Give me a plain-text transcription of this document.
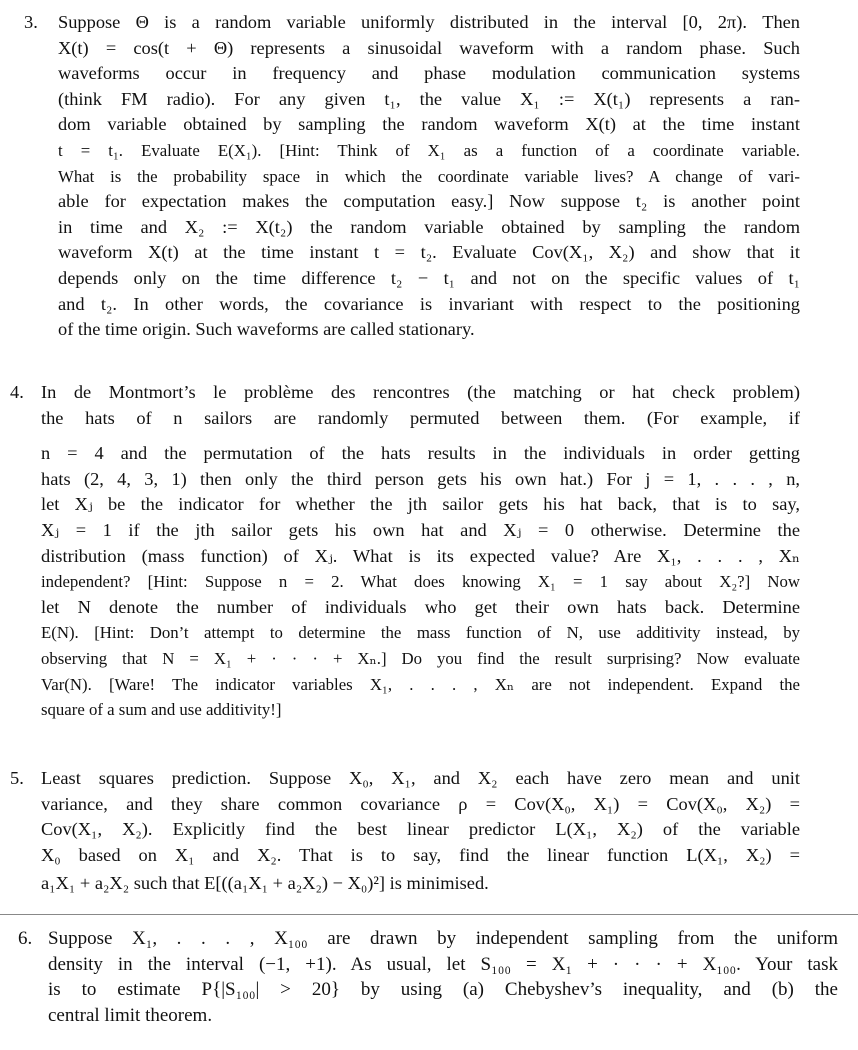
3. Suppose Θ is a random variable uniformly distributed in the interval [0, 2π). Then
X(t) = cos(t + Θ) represents a sinusoidal waveform with a random phase. Such
waveforms occur in frequency and phase modulation communication systems
(think FM radio). For any given t₁, the value X₁ := X(t₁) represents a ran-
dom variable obtained by sampling the random waveform X(t) at the time instant
t = t₁. Evaluate E(X₁). [Hint: Think of X₁ as a function of a coordinate variable.
What is the probability space in which the coordinate variable lives? A change of vari-
able for expectation makes the computation easy.] Now suppose t₂ is another point
in time and X₂ := X(t₂) the random variable obtained by sampling the random
waveform X(t) at the time instant t = t₂. Evaluate Cov(X₁, X₂) and show that it
depends only on the time difference t₂ − t₁ and not on the specific values of t₁
and t₂. In other words, the covariance is invariant with respect to the positioning
of the time origin. Such waveforms are called stationary.
4. In de Montmort’s le problème des rencontres (the matching or hat check problem)
the hats of n sailors are randomly permuted between them. (For example, if
n = 4 and the permutation of the hats results in the individuals in order getting
hats (2, 4, 3, 1) then only the third person gets his own hat.) For j = 1, . . . , n,
let Xⱼ be the indicator for whether the jth sailor gets his hat back, that is to say,
Xⱼ = 1 if the jth sailor gets his own hat and Xⱼ = 0 otherwise. Determine the
distribution (mass function) of Xⱼ. What is its expected value? Are X₁, . . . , Xₙ
independent? [Hint: Suppose n = 2. What does knowing X₁ = 1 say about X₂?] Now
let N denote the number of individuals who get their own hats back. Determine
E(N). [Hint: Don’t attempt to determine the mass function of N, use additivity instead, by
observing that N = X₁ + · · · + Xₙ.] Do you find the result surprising? Now evaluate
Var(N). [Ware! The indicator variables X₁, . . . , Xₙ are not independent. Expand the
square of a sum and use additivity!]
5. Least squares prediction. Suppose X₀, X₁, and X₂ each have zero mean and unit
variance, and they share common covariance ρ = Cov(X₀, X₁) = Cov(X₀, X₂) =
Cov(X₁, X₂). Explicitly find the best linear predictor L(X₁, X₂) of the variable
X₀ based on X₁ and X₂. That is to say, find the linear function L(X₁, X₂) =
a₁X₁ + a₂X₂ such that E[((a₁X₁ + a₂X₂) − X₀)²] is minimised.
6. Suppose X₁, . . . , X₁₀₀ are drawn by independent sampling from the uniform
density in the interval (−1, +1). As usual, let S₁₀₀ = X₁ + · · · + X₁₀₀. Your task
is to estimate P{|S₁₀₀| > 20} by using (a) Chebyshev’s inequality, and (b) the
central limit theorem.
